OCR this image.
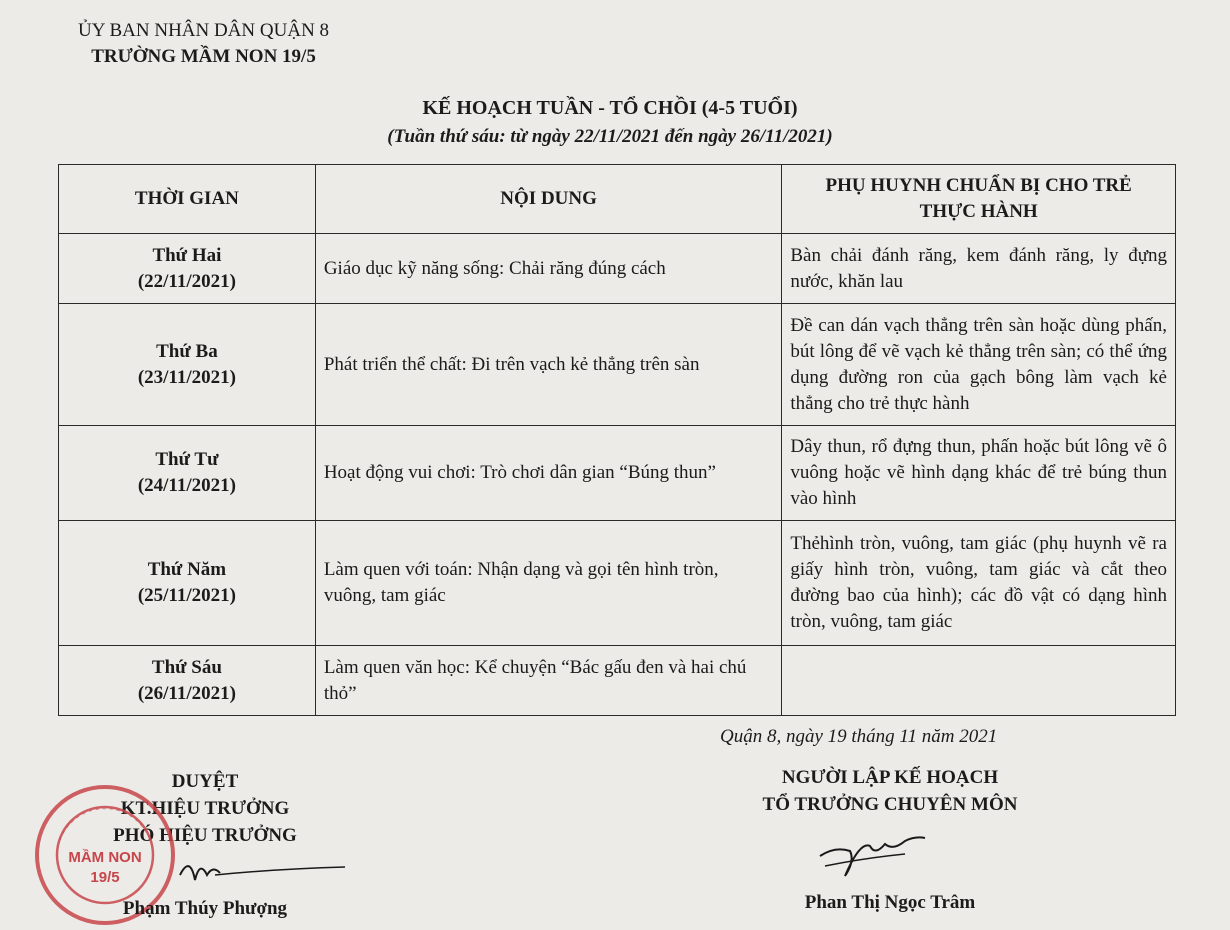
ỦY BAN NHÂN DÂN QUẬN 8
TRƯỜNG MẦM NON 19/5
KẾ HOẠCH TUẦN - TỔ CHỒI (4-5 TUỔI)
(Tuần thứ sáu: từ ngày 22/11/2021 đến ngày 26/11/2021)
THỜI GIAN	NỘI DUNG	PHỤ HUYNH CHUẨN BỊ CHO TRẺ
THỰC HÀNH

Thứ Hai
(22/11/2021)	Giáo dục kỹ năng sống: Chải răng đúng cách	Bàn chải đánh răng, kem đánh răng, ly đựng nước, khăn lau

Thứ Ba
(23/11/2021)	Phát triển thể chất: Đi trên vạch kẻ thẳng trên sàn	Đề can dán vạch thẳng trên sàn hoặc dùng phấn, bút lông để vẽ vạch kẻ thẳng trên sàn; có thể ứng dụng đường ron của gạch bông làm vạch kẻ thẳng cho trẻ thực hành

Thứ Tư
(24/11/2021)	Hoạt động vui chơi: Trò chơi dân gian “Búng thun”	Dây thun, rổ đựng thun, phấn hoặc bút lông vẽ ô vuông hoặc vẽ hình dạng khác để trẻ búng thun vào hình

Thứ Năm
(25/11/2021)	Làm quen với toán: Nhận dạng và gọi tên hình tròn, vuông, tam giác	Thẻhình tròn, vuông, tam giác (phụ huynh vẽ ra giấy hình tròn, vuông, tam giác và cắt theo đường bao của hình); các đồ vật có dạng hình tròn, vuông, tam giác

Thứ Sáu
(26/11/2021)	Làm quen văn học: Kể chuyện “Bác gấu đen và hai chú thỏ”	
Quận 8, ngày 19 tháng 11 năm 2021
NGƯỜI LẬP KẾ HOẠCH
TỔ TRƯỞNG CHUYÊN MÔN
Phan Thị Ngọc Trâm
DUYỆT
KT.HIỆU TRƯỞNG
PHÓ HIỆU TRƯỞNG
MẦM NON
19/5
Phạm Thúy Phượng
